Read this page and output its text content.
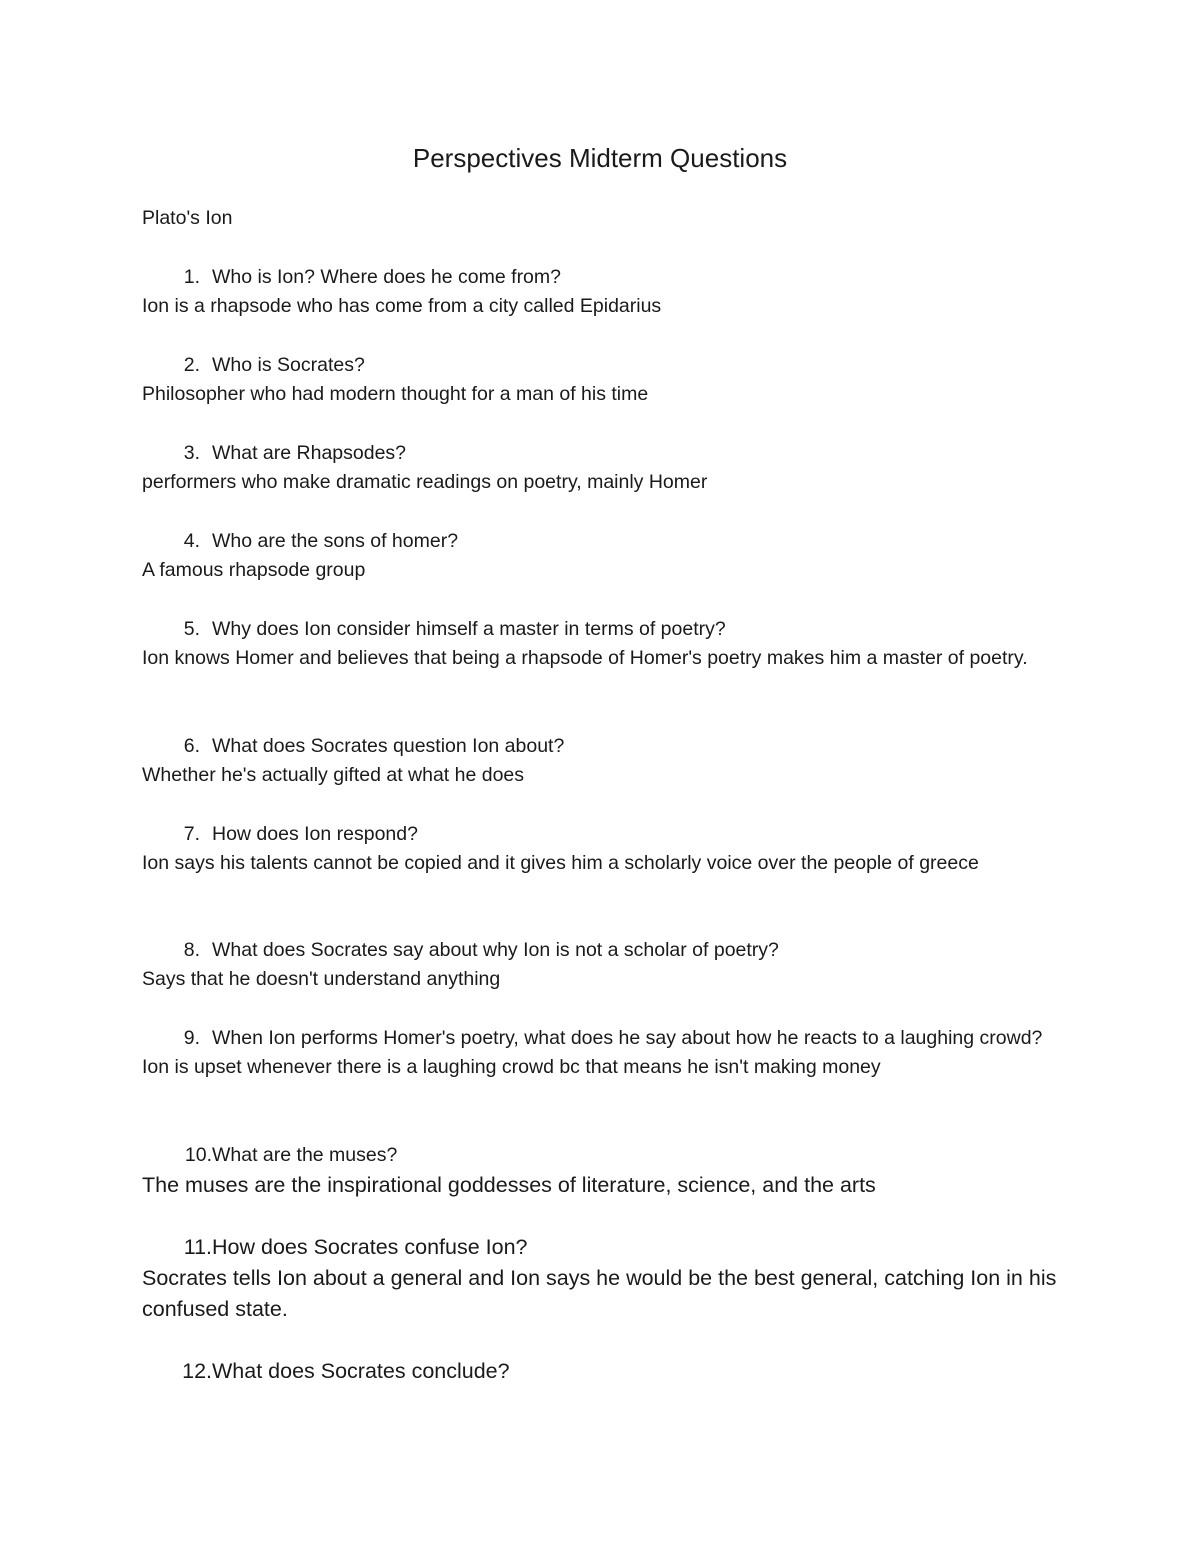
Perspectives Midterm Questions
Plato's Ion
1. Who is Ion? Where does he come from?
Ion is a rhapsode who has come from a city called Epidarius
2. Who is Socrates?
Philosopher who had modern thought for a man of his time
3. What are Rhapsodes?
performers who make dramatic readings on poetry, mainly Homer
4. Who are the sons of homer?
A famous rhapsode group
5. Why does Ion consider himself a master in terms of poetry?
Ion knows Homer and believes that being a rhapsode of Homer's poetry makes him a master of poetry.
6. What does Socrates question Ion about?
Whether he's actually gifted at what he does
7. How does Ion respond?
Ion says his talents cannot be copied and it gives him a scholarly voice over the people of greece
8. What does Socrates say about why Ion is not a scholar of poetry?
Says that he doesn't understand anything
9. When Ion performs Homer's poetry, what does he say about how he reacts to a laughing crowd?
Ion is upset whenever there is a laughing crowd bc that means he isn't making money
10. What are the muses?
The muses are the inspirational goddesses of literature, science, and the arts
11. How does Socrates confuse Ion?
Socrates tells Ion about a general and Ion says he would be the best general, catching Ion in his confused state.
12. What does Socrates conclude?
